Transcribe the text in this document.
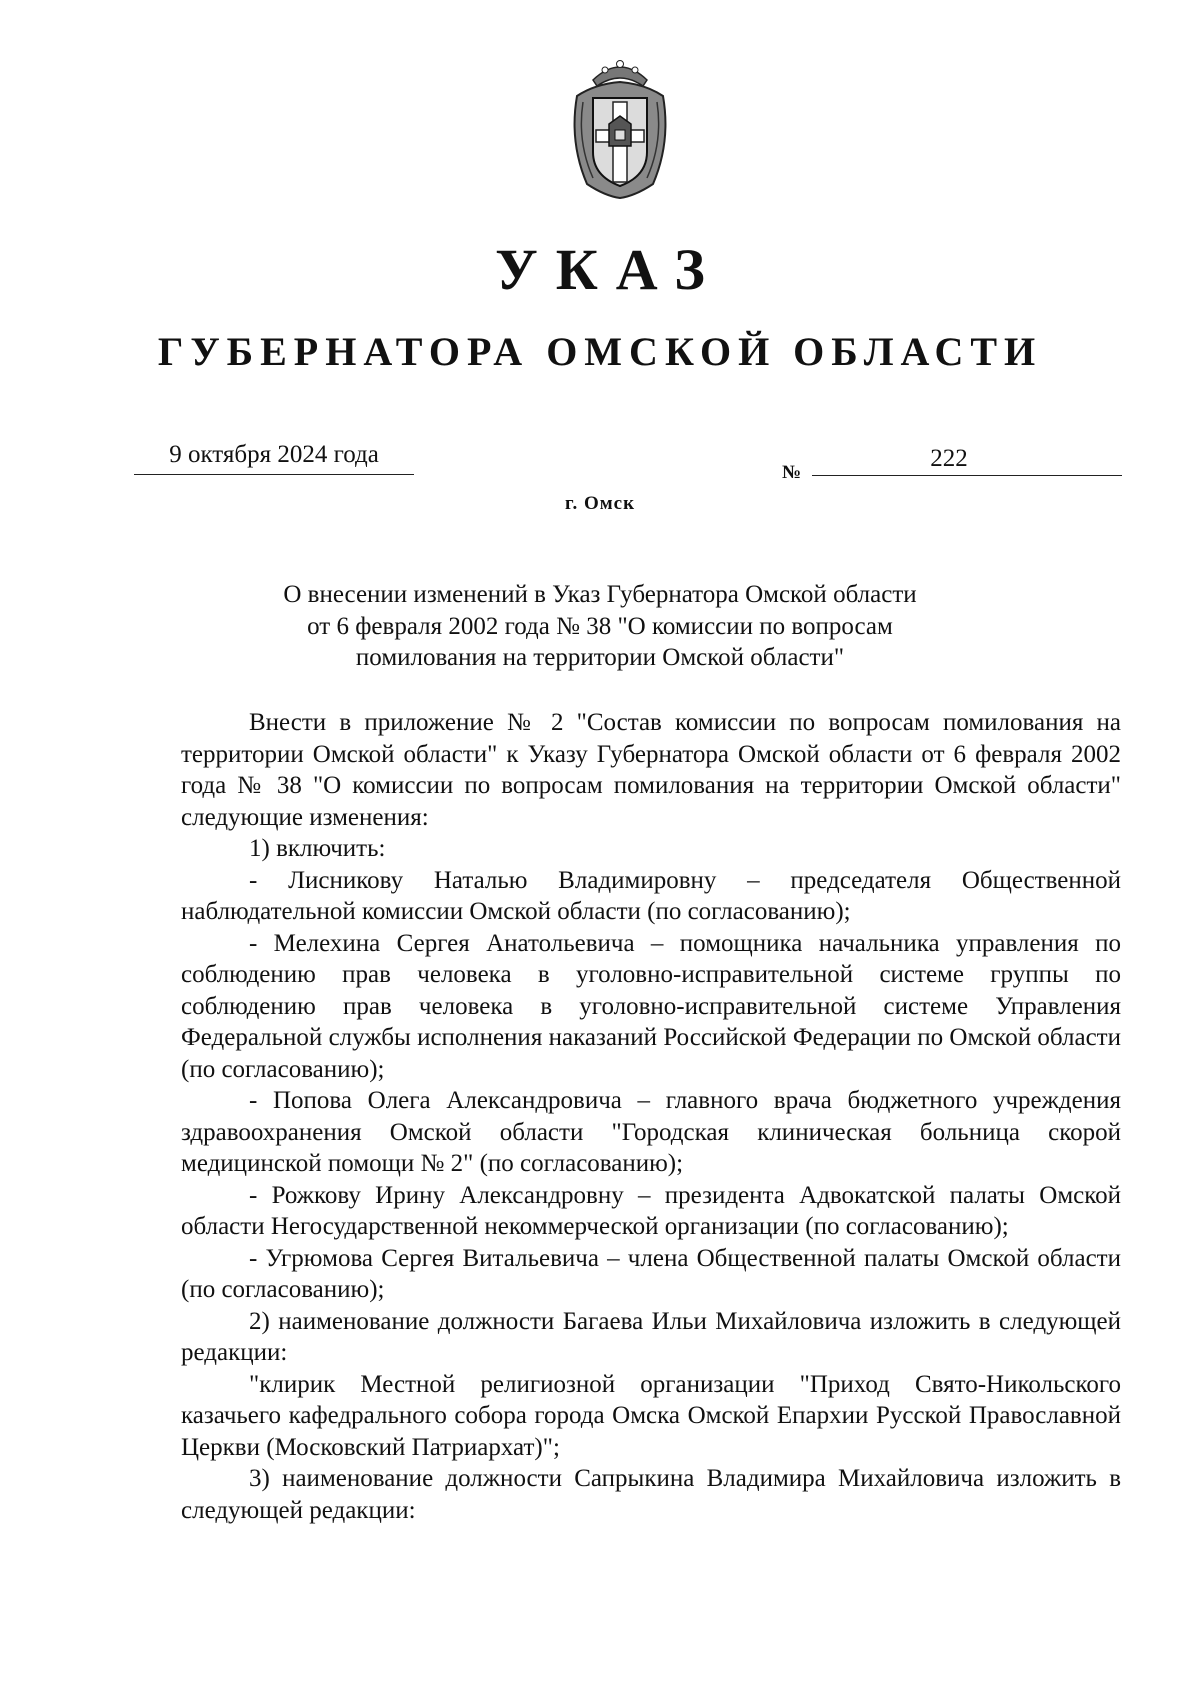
УКАЗ
ГУБЕРНАТОРА ОМСКОЙ ОБЛАСТИ
9 октября 2024 года
№
222
г. Омск
О внесении изменений в Указ Губернатора Омской области
от 6 февраля 2002 года № 38 "О комиссии по вопросам
помилования на территории Омской области"

Внести в приложение № 2 "Состав комиссии по вопросам помилования на территории Омской области" к Указу Губернатора Омской области от 6 февраля 2002 года № 38 "О комиссии по вопросам помилования на территории Омской области" следующие изменения:

1) включить:

- Лисникову Наталью Владимировну – председателя Общественной наблюдательной комиссии Омской области (по согласованию);

- Мелехина Сергея Анатольевича – помощника начальника управления по соблюдению прав человека в уголовно-исправительной системе группы по соблюдению прав человека в уголовно-исправительной системе Управления Федеральной службы исполнения наказаний Российской Федерации по Омской области (по согласованию);

- Попова Олега Александровича – главного врача бюджетного учреждения здравоохранения Омской области "Городская клиническая больница скорой медицинской помощи № 2" (по согласованию);

- Рожкову Ирину Александровну – президента Адвокатской палаты Омской области Негосударственной некоммерческой организации (по согласованию);

- Угрюмова Сергея Витальевича – члена Общественной палаты Омской области (по согласованию);

2) наименование должности Багаева Ильи Михайловича изложить в следующей редакции:

"клирик Местной религиозной организации "Приход Свято-Никольского казачьего кафедрального собора города Омска Омской Епархии Русской Православной Церкви (Московский Патриархат)";

3) наименование должности Сапрыкина Владимира Михайловича изложить в следующей редакции:
